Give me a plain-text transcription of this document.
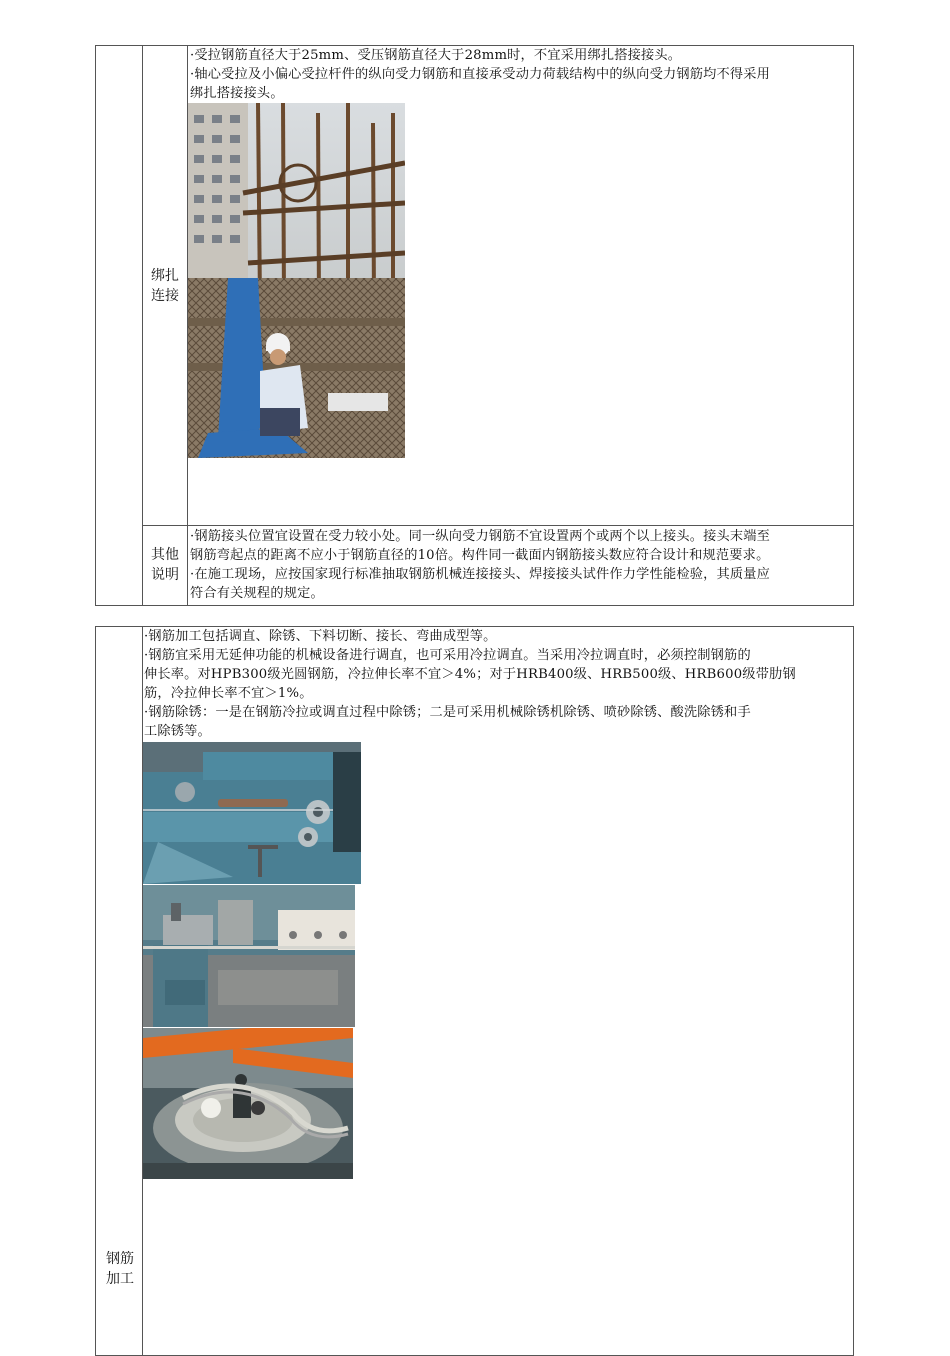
绑扎连接
·受拉钢筋直径大于25mm、受压钢筋直径大于28mm时，不宜采用绑扎搭接接头。
·轴心受拉及小偏心受拉杆件的纵向受力钢筋和直接承受动力荷载结构中的纵向受力钢筋均不得采用
绑扎搭接接头。
其他说明
·钢筋接头位置宜设置在受力较小处。同一纵向受力钢筋不宜设置两个或两个以上接头。接头末端至
钢筋弯起点的距离不应小于钢筋直径的10倍。构件同一截面内钢筋接头数应符合设计和规范要求。
·在施工现场，应按国家现行标准抽取钢筋机械连接接头、焊接接头试件作力学性能检验，其质量应
符合有关规程的规定。
钢筋加工
·钢筋加工包括调直、除锈、下料切断、接长、弯曲成型等。
·钢筋宜采用无延伸功能的机械设备进行调直，也可采用冷拉调直。当采用冷拉调直时，必须控制钢筋的
伸长率。对HPB300级光圆钢筋，冷拉伸长率不宜＞4%；对于HRB400级、HRB500级、HRB600级带肋钢
筋，冷拉伸长率不宜＞1%。
·钢筋除锈：一是在钢筋冷拉或调直过程中除锈；二是可采用机械除锈机除锈、喷砂除锈、酸洗除锈和手
工除锈等。
